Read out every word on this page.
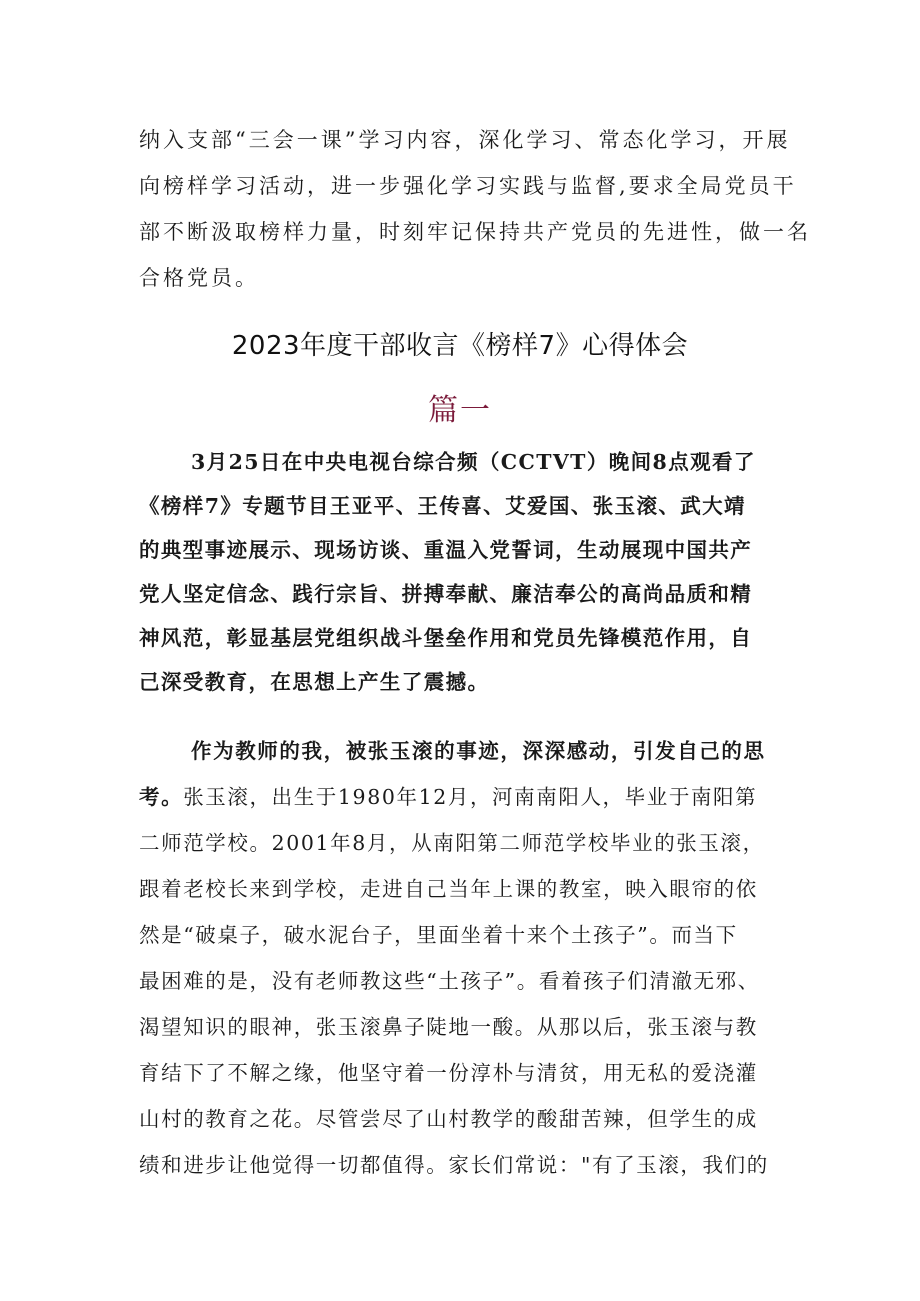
纳入支部“三会一课”学习内容，深化学习、常态化学习，开展
向榜样学习活动，进一步强化学习实践与监督,要求全局党员干
部不断汲取榜样力量，时刻牢记保持共产党员的先进性，做一名
合格党员。
2023年度干部收言《榜样7》心得体会
篇一
3月25日在中央电视台综合频（CCTVT）晚间8点观看了
《榜样7》专题节目王亚平、王传喜、艾爱国、张玉滚、武大靖
的典型事迹展示、现场访谈、重温入党誓词，生动展现中国共产
党人坚定信念、践行宗旨、拼搏奉献、廉洁奉公的高尚品质和精
神风范，彰显基层党组织战斗堡垒作用和党员先锋模范作用，自
己深受教育，在思想上产生了震撼。
作为教师的我，被张玉滚的事迹，深深感动，引发自己的思
考。张玉滚，出生于1980年12月，河南南阳人，毕业于南阳第
二师范学校。2001年8月，从南阳第二师范学校毕业的张玉滚，
跟着老校长来到学校，走进自己当年上课的教室，映入眼帘的依
然是“破桌子，破水泥台子，里面坐着十来个土孩子”。而当下
最困难的是，没有老师教这些“土孩子”。看着孩子们清澈无邪、
渴望知识的眼神，张玉滚鼻子陡地一酸。从那以后，张玉滚与教
育结下了不解之缘，他坚守着一份淳朴与清贫，用无私的爱浇灌
山村的教育之花。尽管尝尽了山村教学的酸甜苦辣，但学生的成
绩和进步让他觉得一切都值得。家长们常说："有了玉滚，我们的
